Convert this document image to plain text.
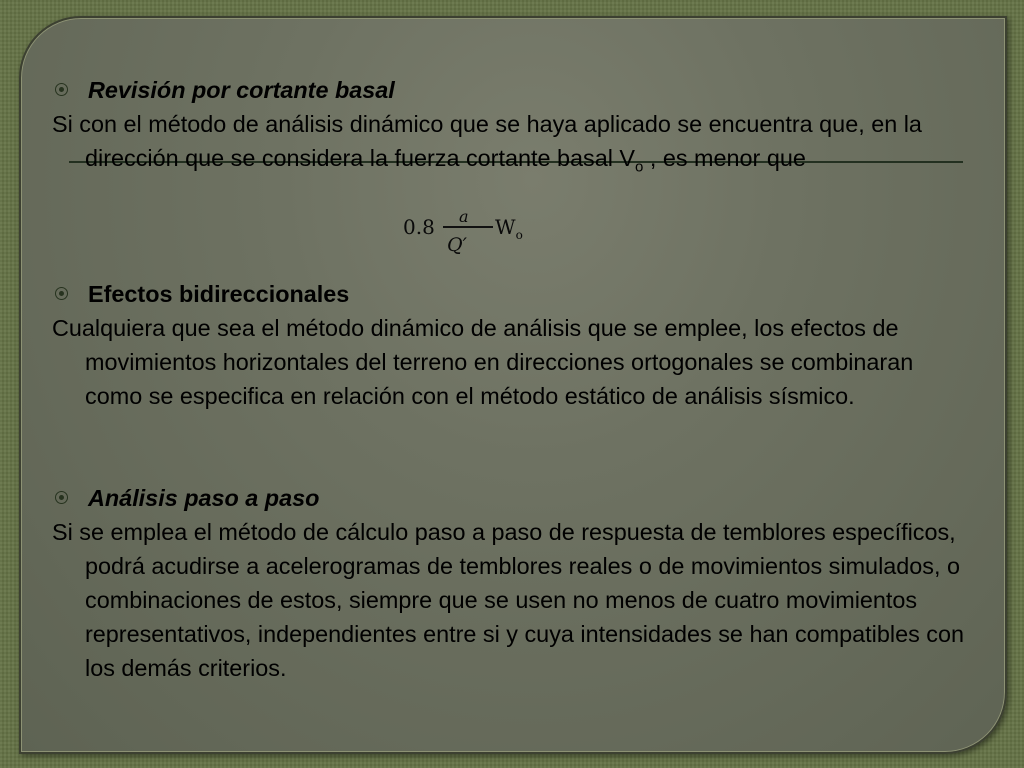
Revisión por cortante basal

Si con el método de análisis dinámico que se haya aplicado se encuentra que, en la dirección que se considera la fuerza cortante basal $V_o$ , es menor que

0.8 a
Q′
$W_o$
Efectos bidireccionales

Cualquiera que sea el método dinámico de análisis que se emplee, los efectos de movimientos horizontales del terreno en direcciones ortogonales se combinaran como se especifica en relación con el método estático de análisis sísmico.

Análisis paso a paso

Si se emplea el método de cálculo paso a paso de respuesta de temblores específicos, podrá acudirse a acelerogramas de temblores reales o de movimientos simulados, o combinaciones de estos, siempre que se usen no menos de cuatro movimientos representativos, independientes entre si y cuya intensidades se han compatibles con los demás criterios.
